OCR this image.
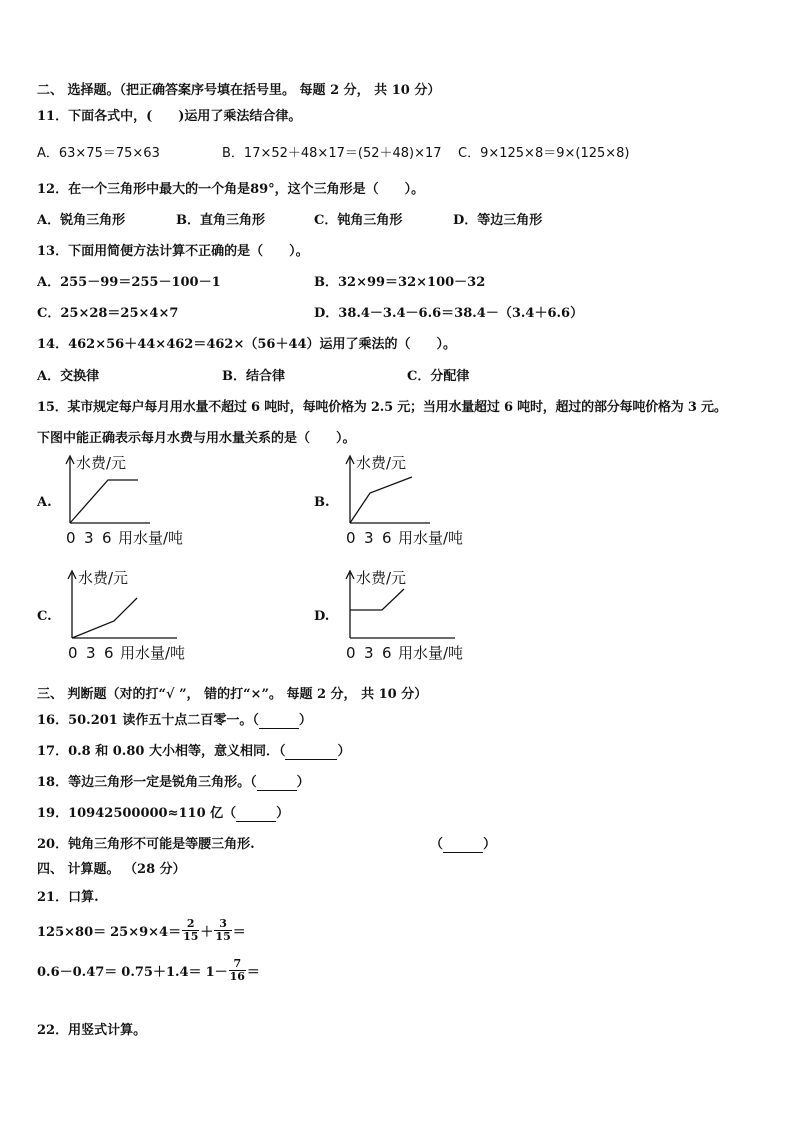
二、 选择题。（把正确答案序号填在括号里。 每题 2 分， 共 10 分）
11．下面各式中，(　　)运用了乘法结合律。
A．63×75＝75×63	B．17×52＋48×17＝(52＋48)×17 C．9×125×8＝9×(125×8)
12．在一个三角形中最大的一个角是89°，这个三角形是（　　）。
A．锐角三角形	B．直角三角形	C．钝角三角形	D．等边三角形
13．下面用简便方法计算不正确的是（　　）。
A．255－99＝255－100－1	B．32×99＝32×100－32
C．25×28＝25×4×7	D．38.4－3.4－6.6＝38.4－（3.4＋6.6）
14．462×56＋44×462＝462×（56＋44）运用了乘法的（　　）。
A．交换律	B．结合律	C．分配律
15．某市规定每户每月用水量不超过 6 吨时，每吨价格为 2.5 元；当用水量超过 6 吨时，超过的部分每吨价格为 3 元。
下图中能正确表示每月水费与用水量关系的是（　　）。
A.
水费/元
0 3 6 用水量/吨
B.
水费/元
0 3 6 用水量/吨
C.
水费/元
0 3 6 用水量/吨
D.
水费/元
0 3 6 用水量/吨
三、 判断题（对的打“√ ”， 错的打“×”。 每题 2 分， 共 10 分）
16．50.201 读作五十点二百零一。（	）
17．0.8 和 0.80 大小相等，意义相同．（	）
18．等边三角形一定是锐角三角形。（	）
19．10942500000≈110 亿（	）
20．钝角三角形不可能是等腰三角形.	（	）
四、 计算题。 （28 分）
21．口算.
$125\times 80= 25\times 9\times 4= \frac{2}{15} + \frac{3}{15}$ ＝
$0.6-0.47= 0.75+1.4= 1- \frac{7}{16}$ ＝
22．用竖式计算。
